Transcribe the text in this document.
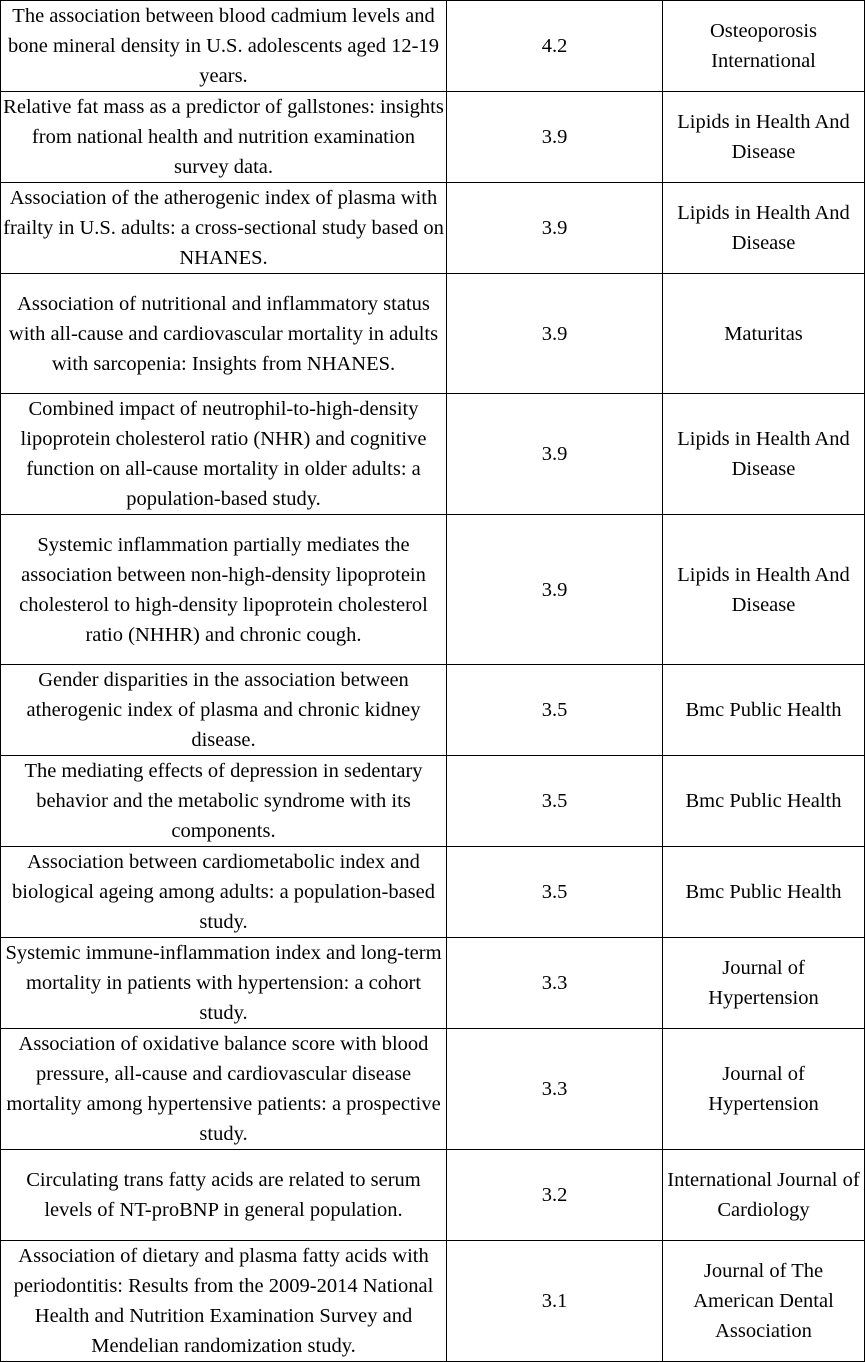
The association between blood cadmium levels and bone mineral density in U.S. adolescents aged 12-19 years.	4.2	Osteoporosis International
Relative fat mass as a predictor of gallstones: insights from national health and nutrition examination survey data.	3.9	Lipids in Health And Disease
Association of the atherogenic index of plasma with frailty in U.S. adults: a cross-sectional study based on NHANES.	3.9	Lipids in Health And Disease
Association of nutritional and inflammatory status with all-cause and cardiovascular mortality in adults with sarcopenia: Insights from NHANES.	3.9	Maturitas
Combined impact of neutrophil-to-high-density lipoprotein cholesterol ratio (NHR) and cognitive function on all-cause mortality in older adults: a population-based study.	3.9	Lipids in Health And Disease
Systemic inflammation partially mediates the association between non-high-density lipoprotein cholesterol to high-density lipoprotein cholesterol ratio (NHHR) and chronic cough.	3.9	Lipids in Health And Disease
Gender disparities in the association between atherogenic index of plasma and chronic kidney disease.	3.5	Bmc Public Health
The mediating effects of depression in sedentary behavior and the metabolic syndrome with its components.	3.5	Bmc Public Health
Association between cardiometabolic index and biological ageing among adults: a population-based study.	3.5	Bmc Public Health
Systemic immune-inflammation index and long-term mortality in patients with hypertension: a cohort study.	3.3	Journal of Hypertension
Association of oxidative balance score with blood pressure, all-cause and cardiovascular disease mortality among hypertensive patients: a prospective study.	3.3	Journal of Hypertension
Circulating trans fatty acids are related to serum levels of NT-proBNP in general population.	3.2	International Journal of Cardiology
Association of dietary and plasma fatty acids with periodontitis: Results from the 2009-2014 National Health and Nutrition Examination Survey and Mendelian randomization study.	3.1	Journal of The American Dental Association
